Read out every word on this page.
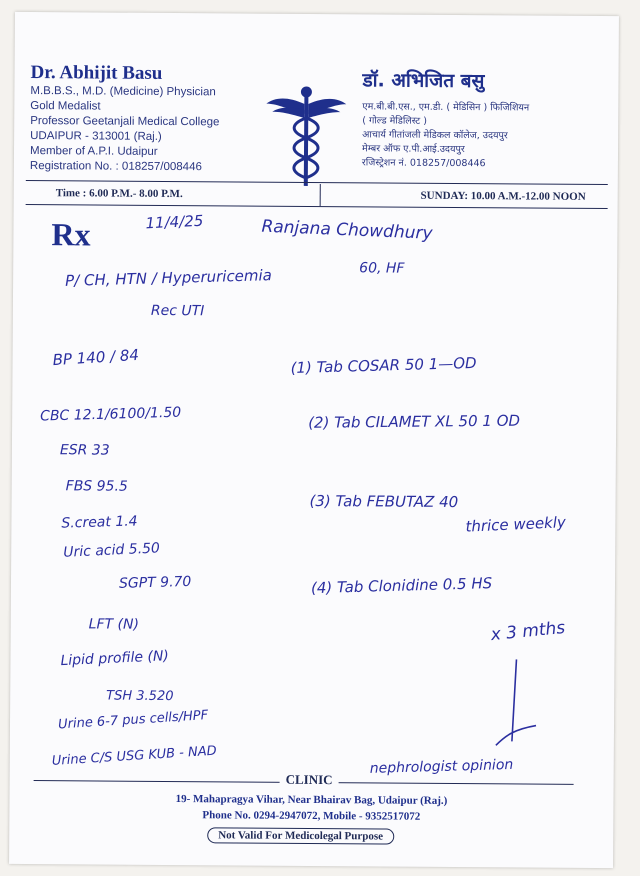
Dr. Abhijit Basu
M.B.B.S., M.D. (Medicine) Physician
Gold Medalist
Professor Geetanjali Medical College
UDAIPUR - 313001 (Raj.)
Member of A.P.I. Udaipur
Registration No. : 018257/008446
डॉ. अभिजित बसु
एम.बी.बी.एस., एम.डी. ( मेडिसिन ) फिजिशियन
( गोल्ड मेडिलिस्ट )
आचार्य गीतांजली मेडिकल कॉलेज, उदयपुर
मेम्बर ऑफ ए.पी.आई.उदयपुर
रजिस्ट्रेशन नं. 018257/008446
Time : 6.00 P.M.- 8.00 P.M.	SUNDAY: 10.00 A.M.-12.00 NOON
Rx	11/4/25	Ranjana Chowdhury
60, HF
P/ CH, HTN / Hyperuricemia
Rec UTI
BP 140 / 84
CBC 12.1/6100/1.50
ESR 33
FBS 95.5
S.creat 1.4
Uric acid 5.50
SGPT 9.70
LFT (N)
Lipid profile (N)
TSH 3.520
Urine 6-7 pus cells/HPF
Urine C/S USG KUB - NAD
(1) Tab COSAR 50 1—OD
(2) Tab CILAMET XL 50 1 OD
(3) Tab FEBUTAZ 40
thrice weekly
(4) Tab Clonidine 0.5 HS
x 3 mths
nephrologist opinion
CLINIC
19- Mahapragya Vihar, Near Bhairav Bag, Udaipur (Raj.)
Phone No. 0294-2947072, Mobile - 9352517072
Not Valid For Medicolegal Purpose
